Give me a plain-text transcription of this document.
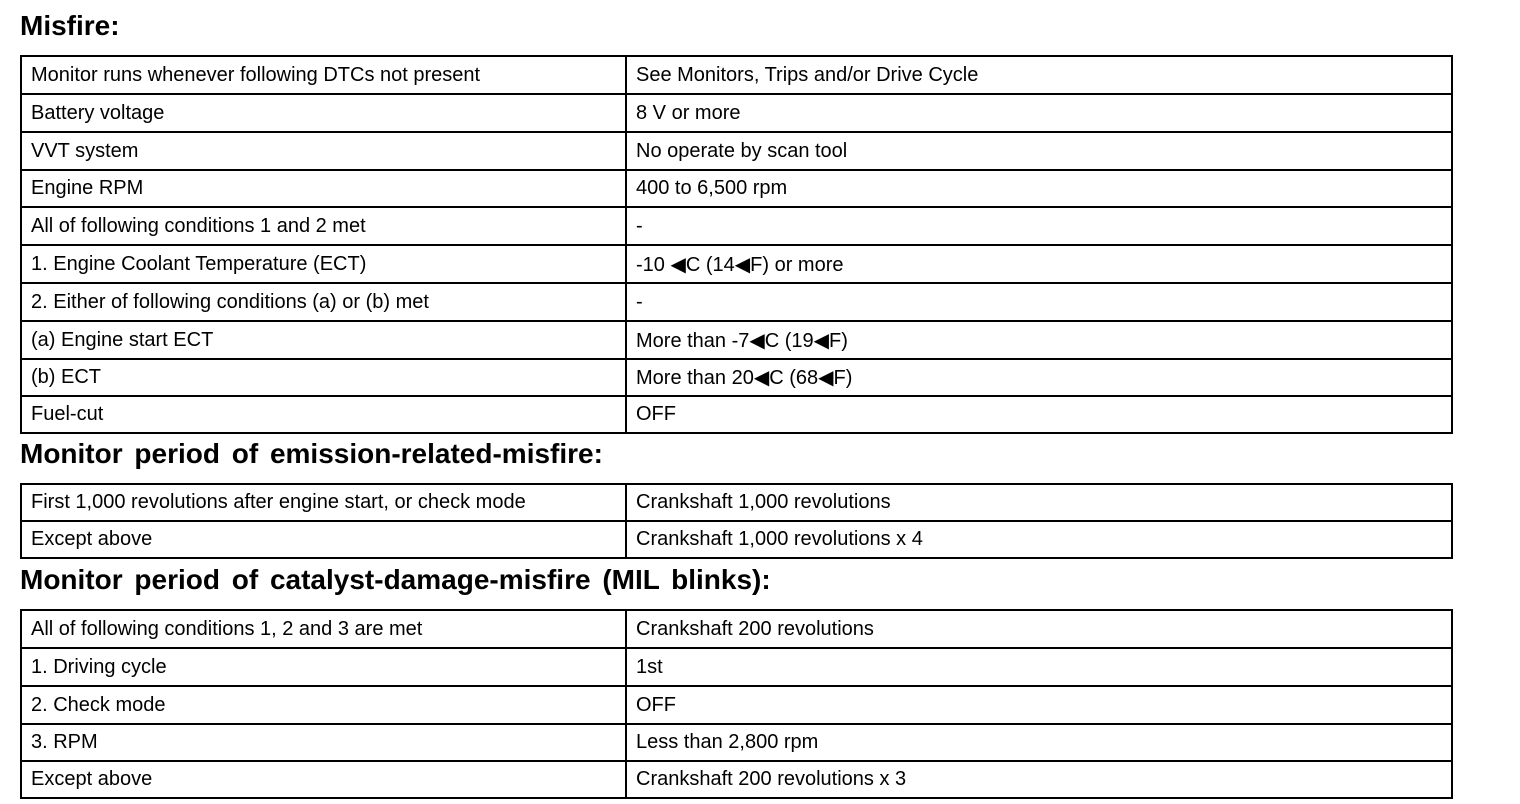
Misfire:
Monitor runs whenever following DTCs not present	See Monitors, Trips and/or Drive Cycle
Battery voltage	8 V or more
VVT system	No operate by scan tool
Engine RPM	400 to 6,500 rpm
All of following conditions 1 and 2 met	-
1. Engine Coolant Temperature (ECT)	-10 ◀C (14◀F) or more
2. Either of following conditions (a) or (b) met	-
(a) Engine start ECT	More than -7◀C (19◀F)
(b) ECT	More than 20◀C (68◀F)
Fuel-cut	OFF
Monitor period of emission-related-misfire:
First 1,000 revolutions after engine start, or check mode	Crankshaft 1,000 revolutions
Except above	Crankshaft 1,000 revolutions x 4
Monitor period of catalyst-damage-misfire (MIL blinks):
All of following conditions 1, 2 and 3 are met	Crankshaft 200 revolutions
1. Driving cycle	1st
2. Check mode	OFF
3. RPM	Less than 2,800 rpm
Except above	Crankshaft 200 revolutions x 3
